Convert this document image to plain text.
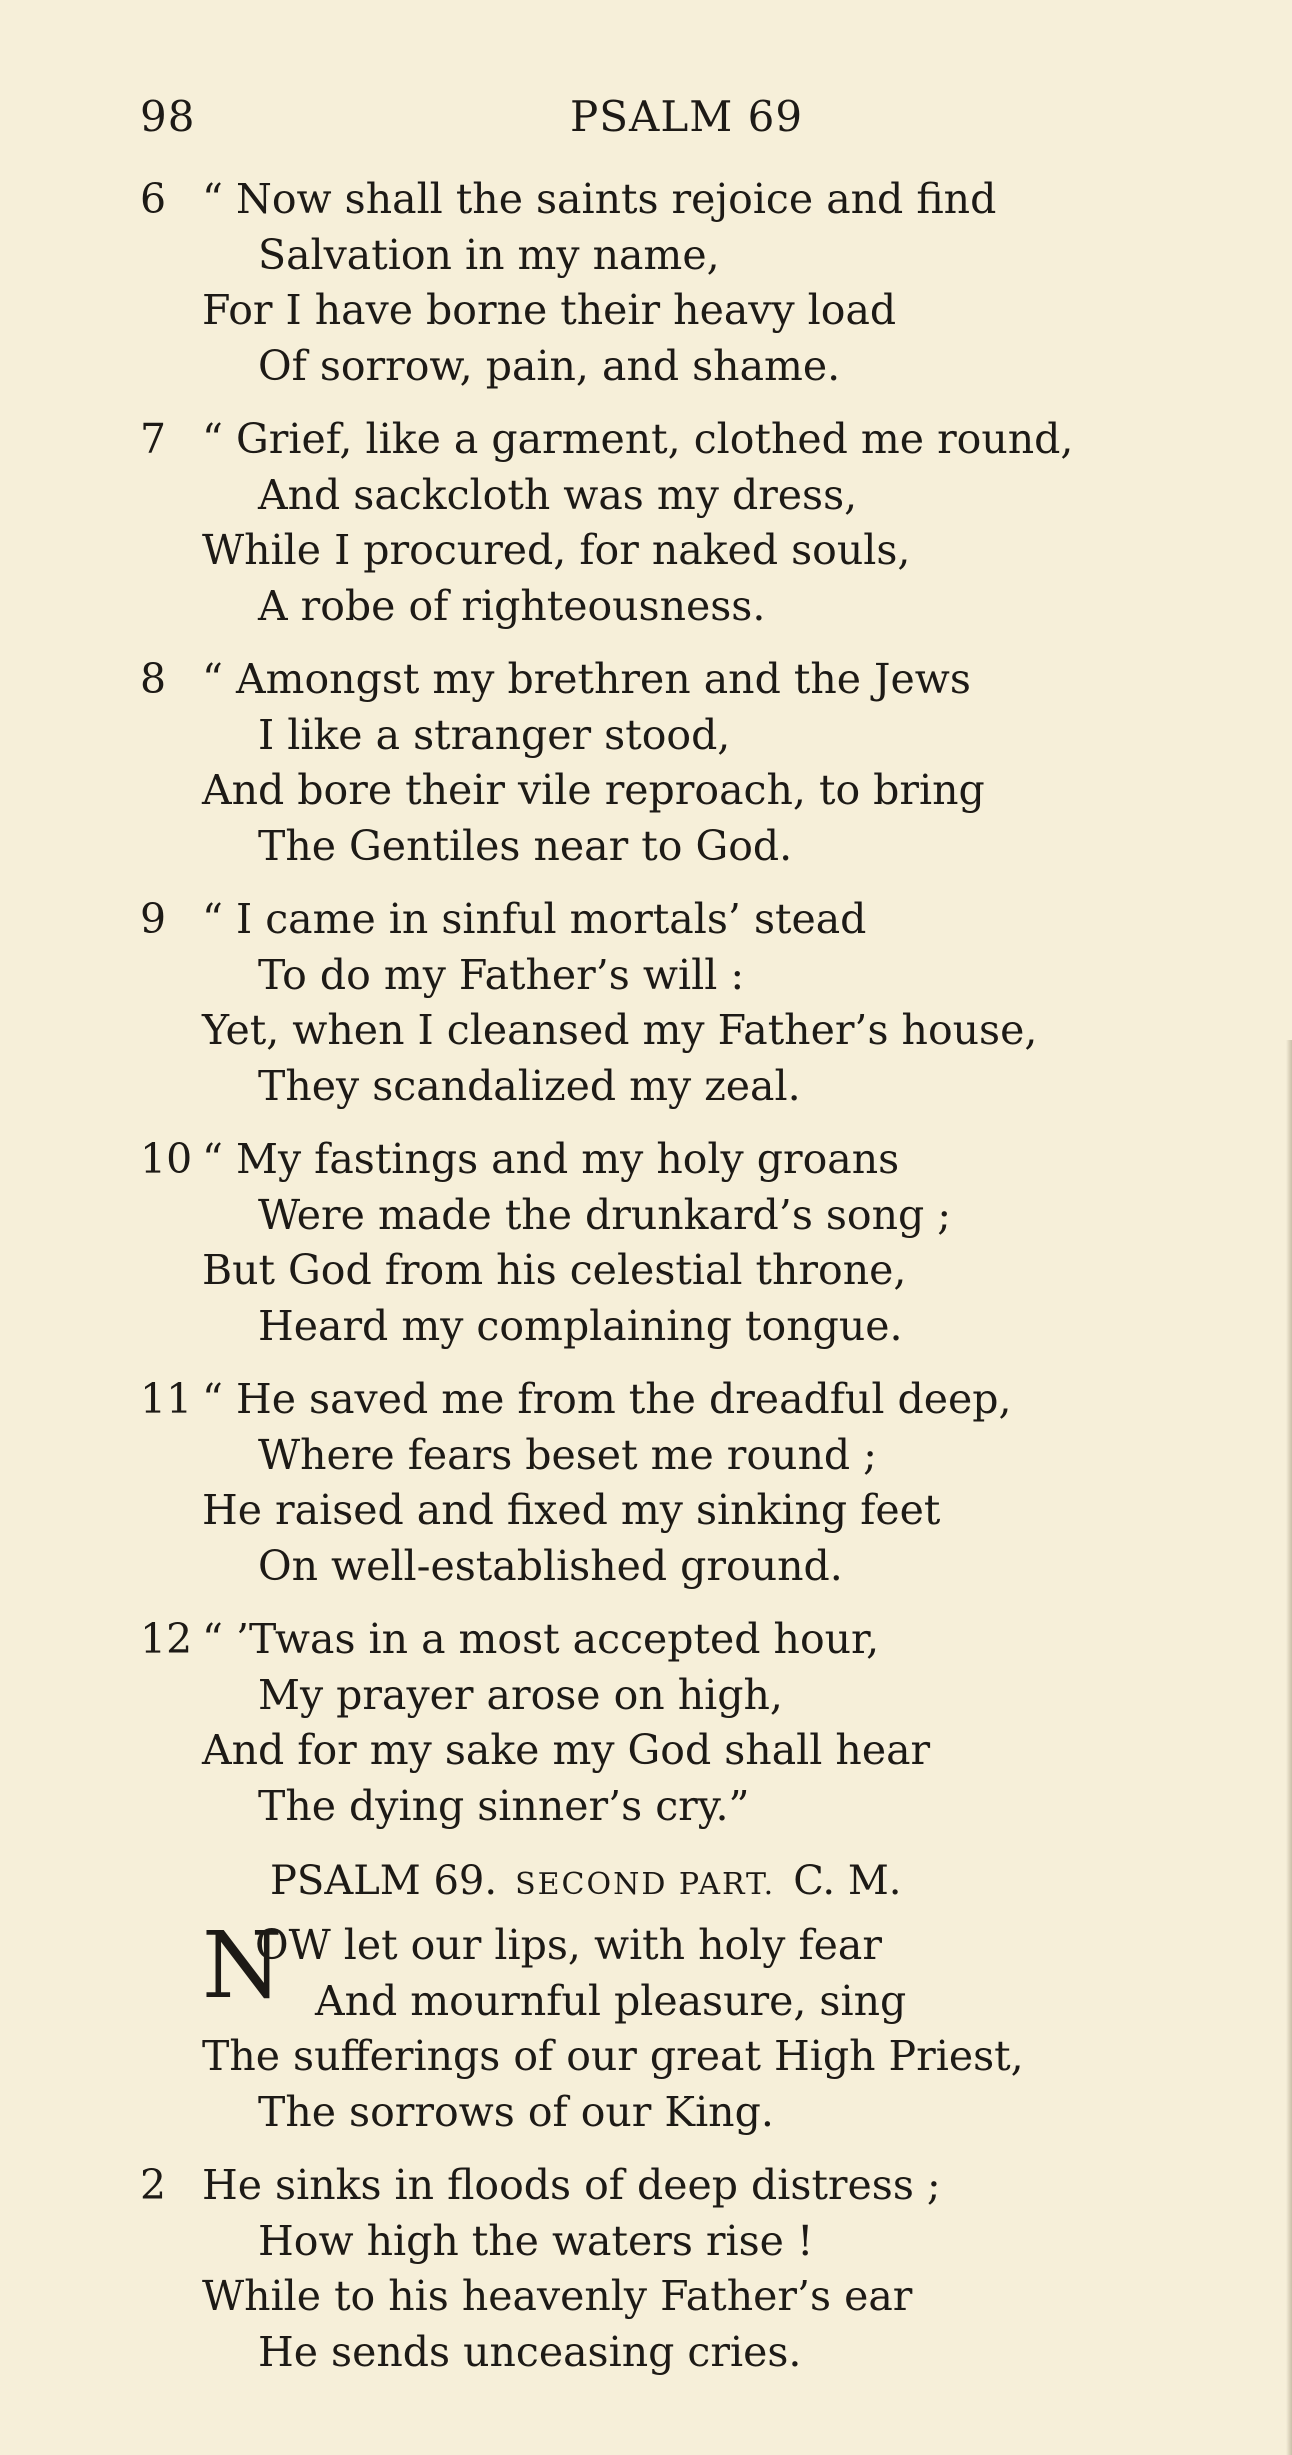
98	PSALM 69
6 “ Now shall the saints rejoice and find
Salvation in my name,
For I have borne their heavy load
Of sorrow, pain, and shame.
7 “ Grief, like a garment, clothed me round,
And sackcloth was my dress,
While I procured, for naked souls,
A robe of righteousness.
8 “ Amongst my brethren and the Jews
I like a stranger stood,
And bore their vile reproach, to bring
The Gentiles near to God.
9 “ I came in sinful mortals’ stead
To do my Father’s will :
Yet, when I cleansed my Father’s house,
They scandalized my zeal.
10 “ My fastings and my holy groans
Were made the drunkard’s song ;
But God from his celestial throne,
Heard my complaining tongue.
11 “ He saved me from the dreadful deep,
Where fears beset me round ;
He raised and fixed my sinking feet
On well-established ground.
12 “ ’Twas in a most accepted hour,
My prayer arose on high,
And for my sake my God shall hear
The dying sinner’s cry.”
PSALM 69. SECOND PART. C. M.
N
OW let our lips, with holy fear
And mournful pleasure, sing
The sufferings of our great High Priest,
The sorrows of our King.
2 He sinks in floods of deep distress ;
How high the waters rise !
While to his heavenly Father’s ear
He sends unceasing cries.
